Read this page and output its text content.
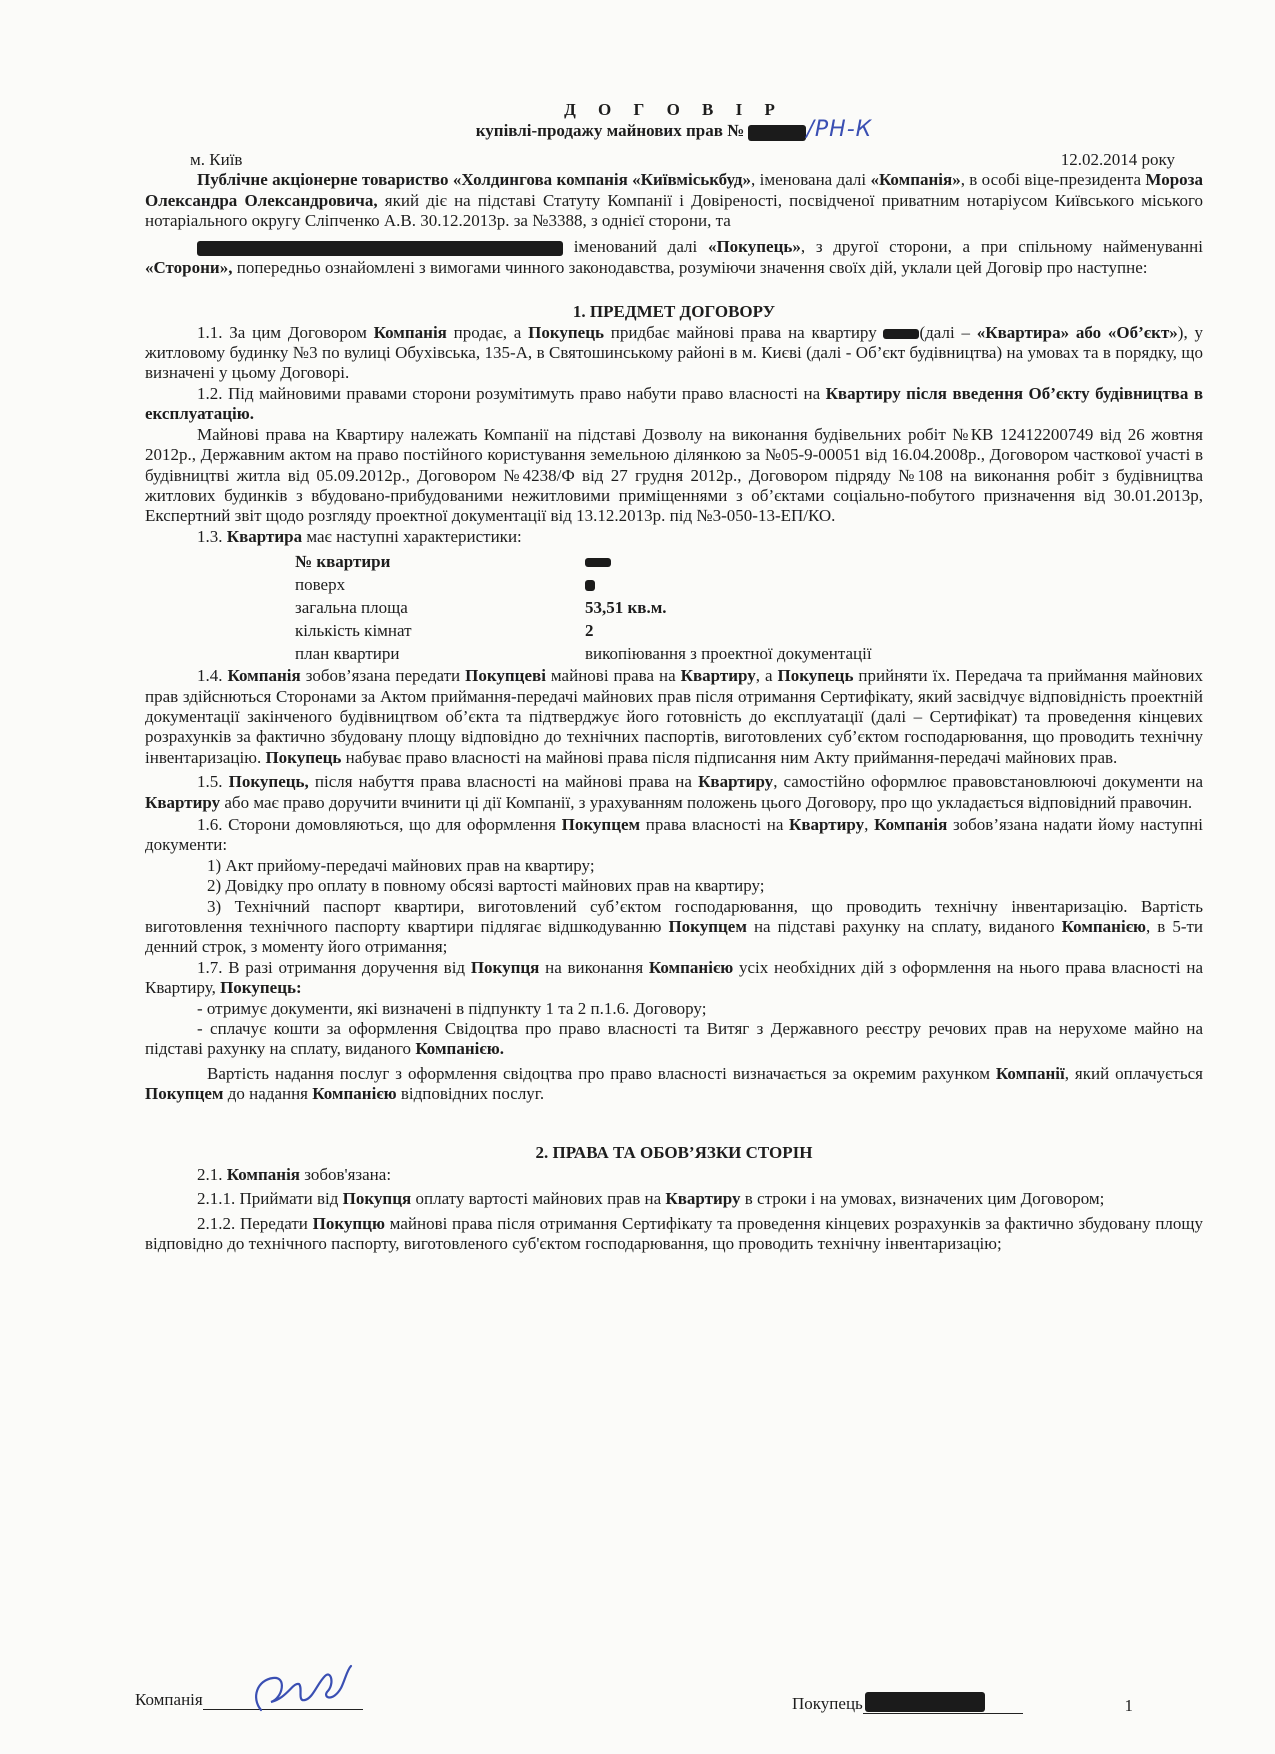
Д О Г О В І Р

купівлі-продажу майнових прав №	/РН-К

м. Київ	12.02.2014 року

Публічне акціонерне товариство «Холдингова компанія «Київміськбуд», іменована далі «Компанія», в особі віце-президента Мороза Олександра Олександровича, який діє на підставі Статуту Компанії і Довіреності, посвідченої приватним нотаріусом Київського міського нотаріального округу Сліпченко А.В. 30.12.2013р. за №3388, з однієї сторони, та

іменований далі «Покупець», з другої сторони, а при спільному найменуванні «Сторони», попередньо ознайомлені з вимогами чинного законодавства, розуміючи значення своїх дій, уклали цей Договір про наступне:

1. ПРЕДМЕТ ДОГОВОРУ

1.1. За цим Договором Компанія продає, а Покупець придбає майнові права на квартиру (далі – «Квартира» або «Об’єкт»), у житловому будинку №3 по вулиці Обухівська, 135-А, в Святошинському районі в м. Києві (далі - Об’єкт будівництва) на умовах та в порядку, що визначені у цьому Договорі.

1.2. Під майновими правами сторони розумітимуть право набути право власності на Квартиру після введення Об’єкту будівництва в експлуатацію.

Майнові права на Квартиру належать Компанії на підставі Дозволу на виконання будівельних робіт №КВ 12412200749 від 26 жовтня 2012р., Державним актом на право постійного користування земельною ділянкою за №05-9-00051 від 16.04.2008р., Договором часткової участі в будівництві житла від 05.09.2012р., Договором №4238/Ф від 27 грудня 2012р., Договором підряду №108 на виконання робіт з будівництва житлових будинків з вбудовано-прибудованими нежитловими приміщеннями з об’єктами соціально-побутого призначення від 30.01.2013р, Експертний звіт щодо розгляду проектної документації від 13.12.2013р. під №3-050-13-ЕП/КО.

1.3. Квартира має наступні характеристики:

№ квартири	
поверх	
загальна площа	53,51 кв.м.
кількість кімнат	2
план квартири	викопіювання з проектної документації

1.4. Компанія зобов’язана передати Покупцеві майнові права на Квартиру, а Покупець прийняти їх. Передача та приймання майнових прав здійснються Сторонами за Актом приймання-передачі майнових прав після отримання Сертифікату, який засвідчує відповідність проектній документації закінченого будівництвом об’єкта та підтверджує його готовність до експлуатації (далі – Сертифікат) та проведення кінцевих розрахунків за фактично збудовану площу відповідно до технічних паспортів, виготовлених суб’єктом господарювання, що проводить технічну інвентаризацію. Покупець набуває право власності на майнові права після підписання ним Акту приймання-передачі майнових прав.

1.5. Покупець, після набуття права власності на майнові права на Квартиру, самостійно оформлює правовстановлюючі документи на Квартиру або має право доручити вчинити ці дії Компанії, з урахуванням положень цього Договору, про що укладається відповідний правочин.

1.6. Сторони домовляються, що для оформлення Покупцем права власності на Квартиру, Компанія зобов’язана надати йому наступні документи:

1) Акт прийому-передачі майнових прав на квартиру;

2) Довідку про оплату в повному обсязі вартості майнових прав на квартиру;

3) Технічний паспорт квартири, виготовлений суб’єктом господарювання, що проводить технічну інвентаризацію. Вартість виготовлення технічного паспорту квартири підлягає відшкодуванню Покупцем на підставі рахунку на сплату, виданого Компанією, в 5-ти денний строк, з моменту його отримання;

1.7. В разі отримання доручення від Покупця на виконання Компанією усіх необхідних дій з оформлення на нього права власності на Квартиру, Покупець:

- отримує документи, які визначені в підпункту 1 та 2 п.1.6. Договору;

- сплачує кошти за оформлення Свідоцтва про право власності та Витяг з Державного реєстру речових прав на нерухоме майно на підставі рахунку на сплату, виданого Компанією.

Вартість надання послуг з оформлення свідоцтва про право власності визначається за окремим рахунком Компанії, який оплачується Покупцем до надання Компанією відповідних послуг.

2. ПРАВА ТА ОБОВ’ЯЗКИ СТОРІН

2.1. Компанія зобов'язана:

2.1.1. Приймати від Покупця оплату вартості майнових прав на Квартиру в строки і на умовах, визначених цим Договором;

2.1.2. Передати Покупцю майнові права після отримання Сертифікату та проведення кінцевих розрахунків за фактично збудовану площу відповідно до технічного паспорту, виготовленого суб'єктом господарювання, що проводить технічну інвентаризацію;

Компанія	Покупець	1
